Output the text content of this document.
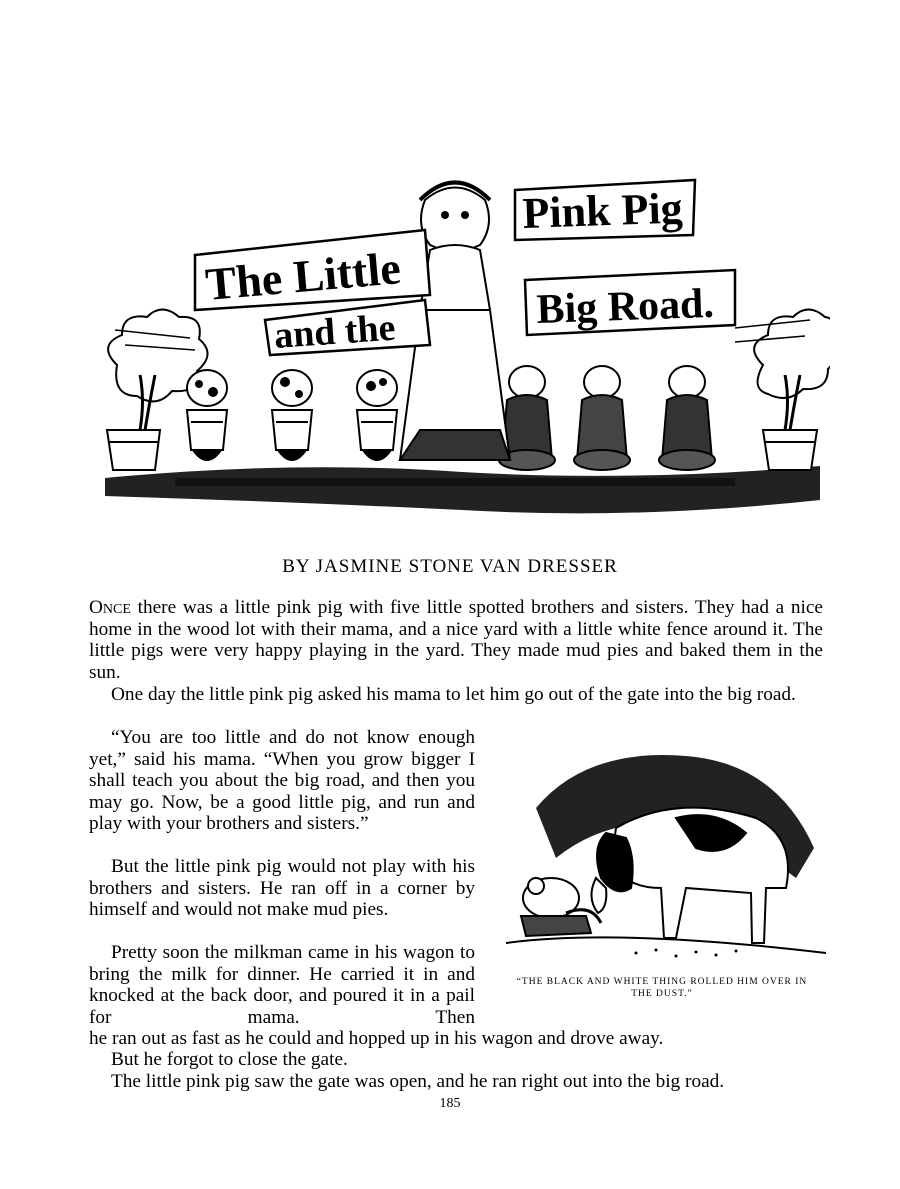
The Little
and the
Pink Pig
Big Road.
BY JASMINE STONE VAN DRESSER

Once there was a little pink pig with five little spotted brothers and sisters. They had a nice home in the wood lot with their mama, and a nice yard with a little white fence around it. The little pigs were very happy playing in the yard. They made mud pies and baked them in the sun.

One day the little pink pig asked his mama to let him go out of the gate into the big road.

“You are too little and do not know enough yet,” said his mama. “When you grow bigger I shall teach you about the big road, and then you may go. Now, be a good little pig, and run and play with your brothers and sisters.”

But the little pink pig would not play with his brothers and sisters. He ran off in a corner by himself and would not make mud pies.

Pretty soon the milkman came in his wagon to bring the milk for dinner. He carried it in and knocked at the back door, and poured it in a pail for mama. Then

“THE BLACK AND WHITE THING ROLLED HIM OVER IN THE DUST.”

he ran out as fast as he could and hopped up in his wagon and drove away.

But he forgot to close the gate.

The little pink pig saw the gate was open, and he ran right out into the big road.

185
